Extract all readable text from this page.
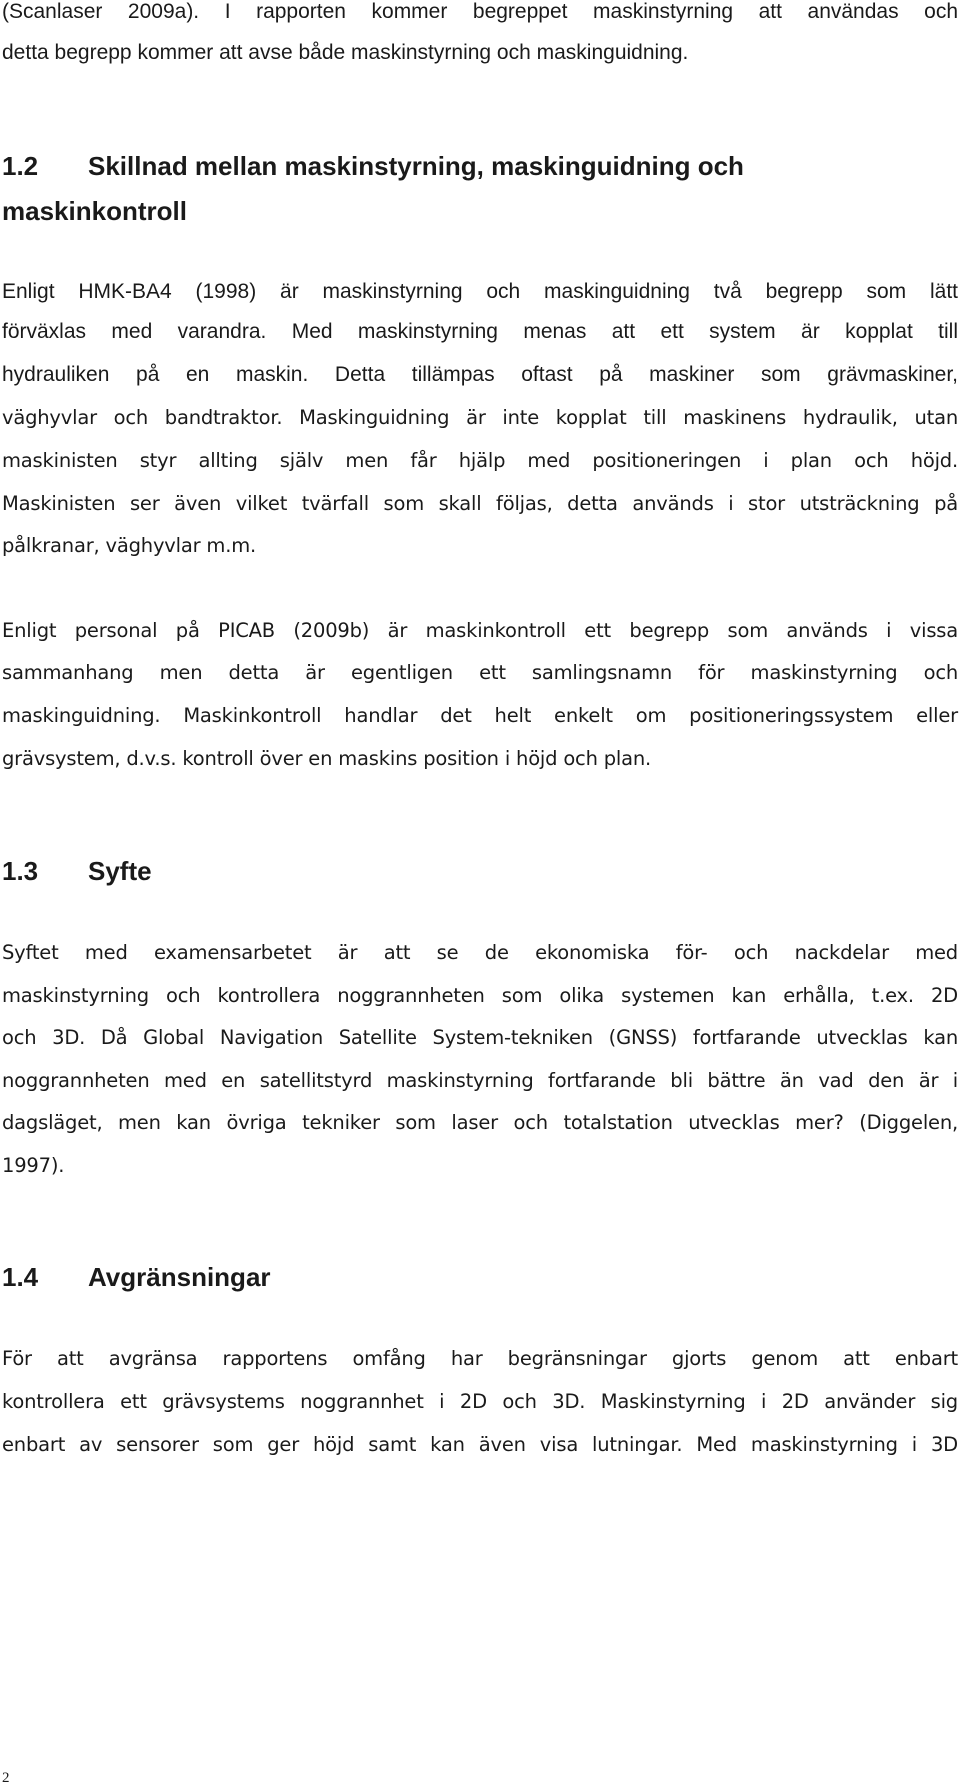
(Scanlaser 2009a). I rapporten kommer begreppet maskinstyrning att användas och
detta begrepp kommer att avse både maskinstyrning och maskinguidning.
1.2 Skillnad mellan maskinstyrning, maskinguidning och
maskinkontroll
Enligt HMK-BA4 (1998) är maskinstyrning och maskinguidning två begrepp som lätt
förväxlas med varandra. Med maskinstyrning menas att ett system är kopplat till
hydrauliken på en maskin. Detta tillämpas oftast på maskiner som grävmaskiner,
väghyvlar och bandtraktor. Maskinguidning är inte kopplat till maskinens hydraulik, utan
maskinisten styr allting själv men får hjälp med positioneringen i plan och höjd.
Maskinisten ser även vilket tvärfall som skall följas, detta används i stor utsträckning på
pålkranar, väghyvlar m.m.
Enligt personal på PICAB (2009b) är maskinkontroll ett begrepp som används i vissa
sammanhang men detta är egentligen ett samlingsnamn för maskinstyrning och
maskinguidning. Maskinkontroll handlar det helt enkelt om positioneringssystem eller
grävsystem, d.v.s. kontroll över en maskins position i höjd och plan.
1.3 Syfte
Syftet med examensarbetet är att se de ekonomiska för- och nackdelar med
maskinstyrning och kontrollera noggrannheten som olika systemen kan erhålla, t.ex. 2D
och 3D. Då Global Navigation Satellite System-tekniken (GNSS) fortfarande utvecklas kan
noggrannheten med en satellitstyrd maskinstyrning fortfarande bli bättre än vad den är i
dagsläget, men kan övriga tekniker som laser och totalstation utvecklas mer? (Diggelen,
1997).
1.4 Avgränsningar
För att avgränsa rapportens omfång har begränsningar gjorts genom att enbart
kontrollera ett grävsystems noggrannhet i 2D och 3D. Maskinstyrning i 2D använder sig
enbart av sensorer som ger höjd samt kan även visa lutningar. Med maskinstyrning i 3D
2
